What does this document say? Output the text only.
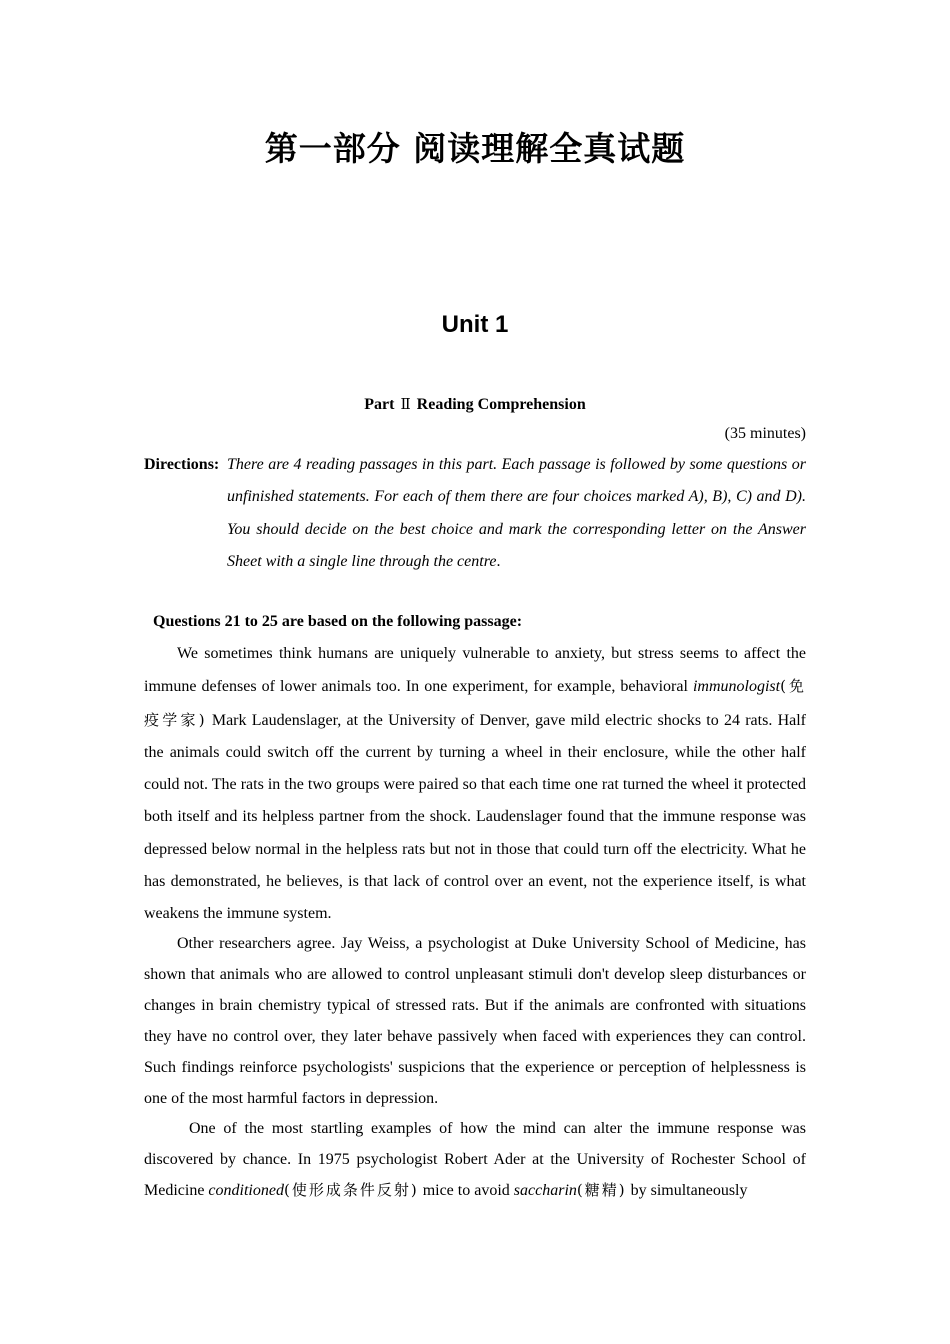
第一部分 阅读理解全真试题
Unit 1
Part Ⅱ Reading Comprehension
(35 minutes)
Directions: There are 4 reading passages in this part. Each passage is followed by some questions or unfinished statements. For each of them there are four choices marked A), B), C) and D). You should decide on the best choice and mark the corresponding letter on the Answer Sheet with a single line through the centre.
Questions 21 to 25 are based on the following passage:

We sometimes think humans are uniquely vulnerable to anxiety, but stress seems to affect the immune defenses of lower animals too. In one experiment, for example, behavioral immunologist(免疫学家) Mark Laudenslager, at the University of Denver, gave mild electric shocks to 24 rats. Half the animals could switch off the current by turning a wheel in their enclosure, while the other half could not. The rats in the two groups were paired so that each time one rat turned the wheel it protected both itself and its helpless partner from the shock. Laudenslager found that the immune response was depressed below normal in the helpless rats but not in those that could turn off the electricity. What he has demonstrated, he believes, is that lack of control over an event, not the experience itself, is what weakens the immune system.

Other researchers agree. Jay Weiss, a psychologist at Duke University School of Medicine, has shown that animals who are allowed to control unpleasant stimuli don't develop sleep disturbances or changes in brain chemistry typical of stressed rats. But if the animals are confronted with situations they have no control over, they later behave passively when faced with experiences they can control. Such findings reinforce psychologists' suspicions that the experience or perception of helplessness is one of the most harmful factors in depression.

One of the most startling examples of how the mind can alter the immune response was discovered by chance. In 1975 psychologist Robert Ader at the University of Rochester School of Medicine conditioned(使形成条件反射) mice to avoid saccharin(糖精) by simultaneously
